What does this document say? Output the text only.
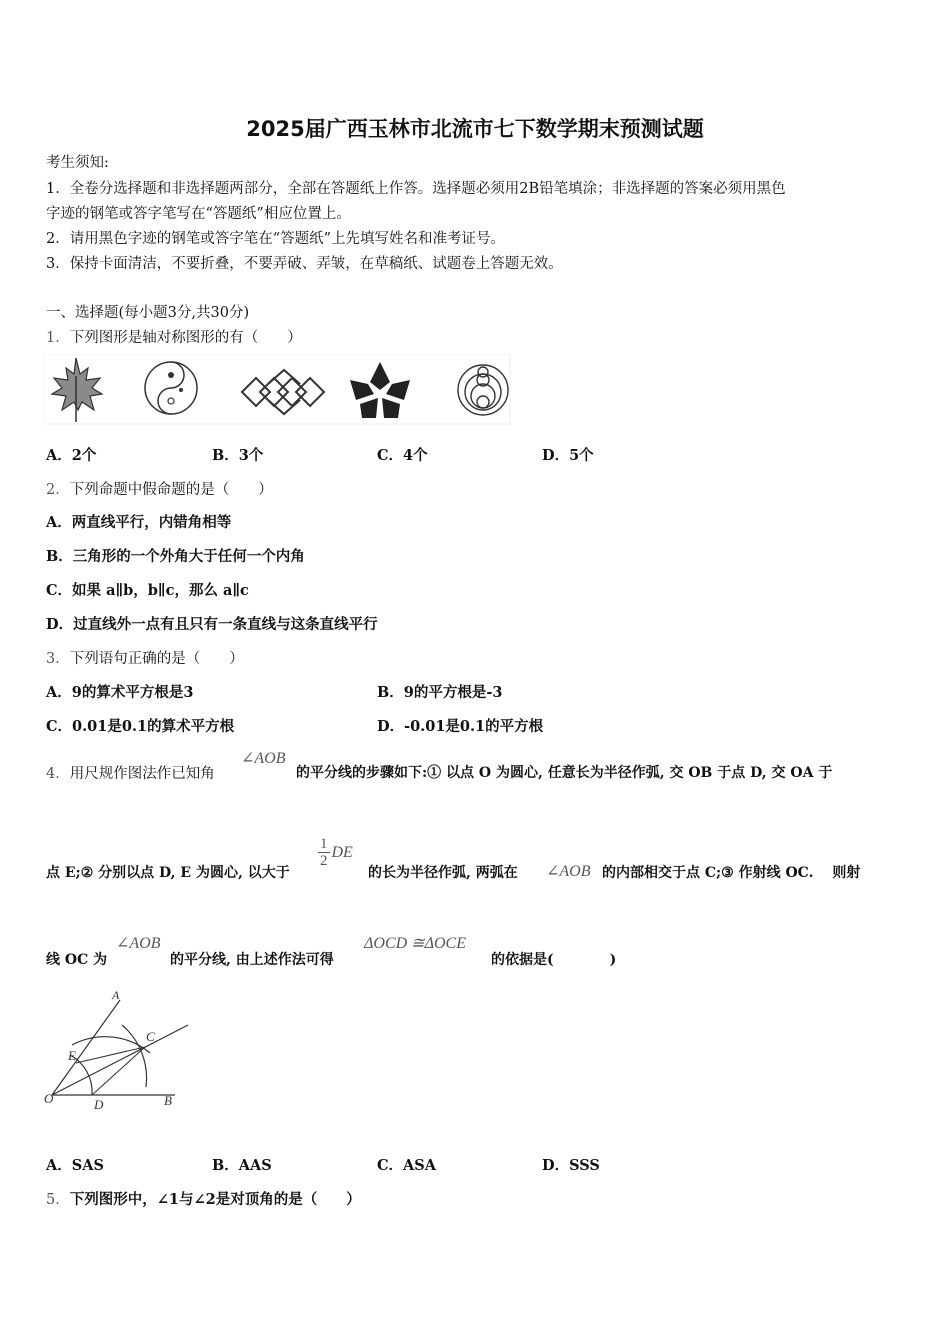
2025届广西玉林市北流市七下数学期末预测试题
考生须知:
1．全卷分选择题和非选择题两部分，全部在答题纸上作答。选择题必须用2B铅笔填涂；非选择题的答案必须用黑色
字迹的钢笔或答字笔写在“答题纸”相应位置上。
2．请用黑色字迹的钢笔或答字笔在“答题纸”上先填写姓名和准考证号。
3．保持卡面清洁，不要折叠，不要弄破、弄皱，在草稿纸、试题卷上答题无效。
一、选择题(每小题3分,共30分)
1．下列图形是轴对称图形的有（　　）
A．2个	B．3个	C．4个	D．5个
2．下列命题中假命题的是（　　）
A．两直线平行，内错角相等
B．三角形的一个外角大于任何一个内角
C．如果 a∥b，b∥c，那么 a∥c
D．过直线外一点有且只有一条直线与这条直线平行
3．下列语句正确的是（　　）
A．9的算术平方根是3	B．9的平方根是-3
C．0.01是0.1的算术平方根	D．-0.01是0.1的平方根
4．用尺规作图法作已知角
∠AOB
的平分线的步骤如下:① 以点 O 为圆心, 任意长为半径作弧, 交 OB 于点 D, 交 OA 于
点 E;② 分别以点 D, E 为圆心, 以大于
$\frac{1}{2}$ DE
的长为半径作弧, 两弧在 ∠AOB 的内部相交于点 C;③ 作射线 OC.　 则射
线 OC 为
∠AOB
的平分线, 由上述作法可得
ΔOCD ≅ΔOCE
的依据是(　　　　)
A
C
E
O	D	B
A．SAS	B．AAS	C．ASA	D．SSS
5．下列图形中，∠1与∠2是对顶角的是（　　）
